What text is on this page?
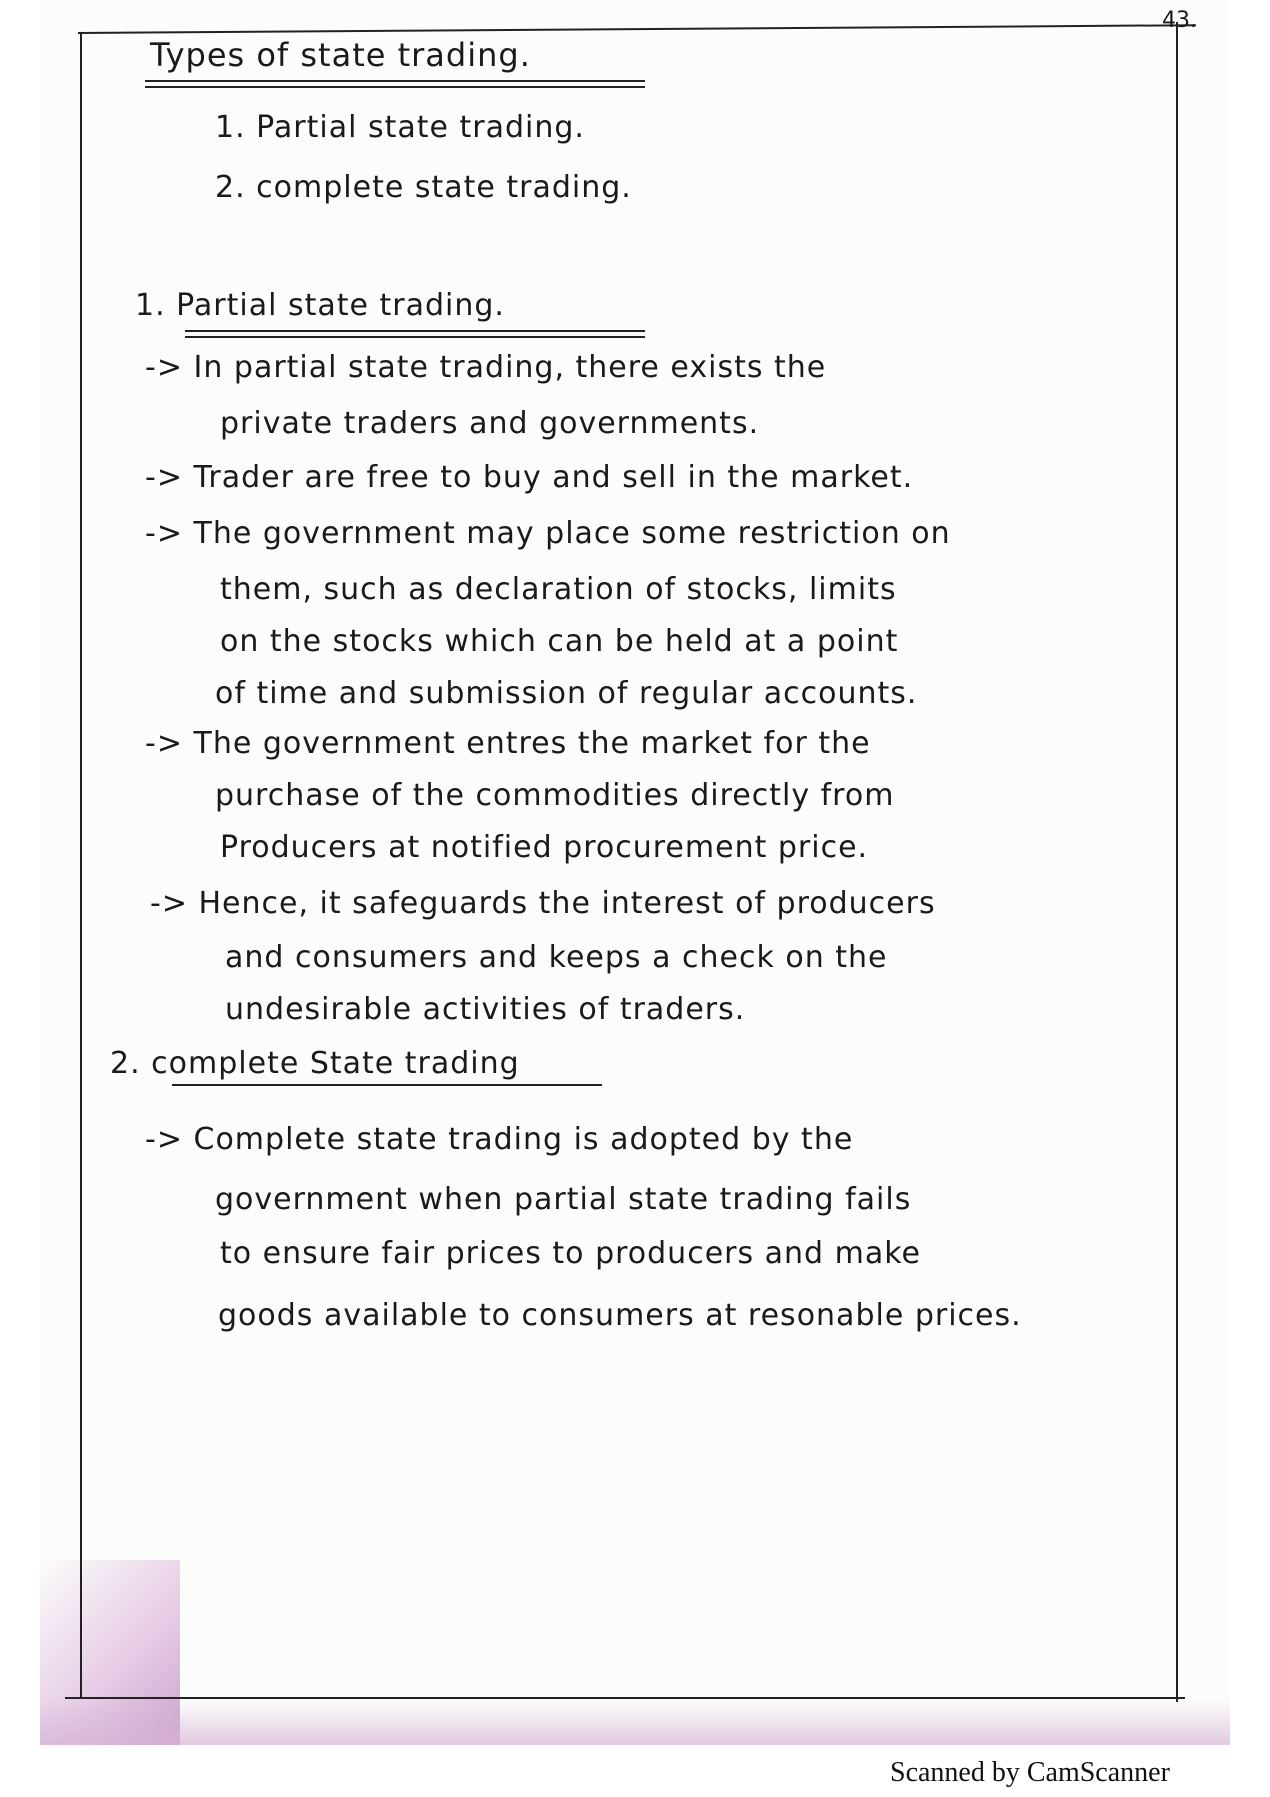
43.
Types of state trading.
1. Partial state trading.
2. complete state trading.
1. Partial state trading.
-> In partial state trading, there exists the
private traders and governments.
-> Trader are free to buy and sell in the market.
-> The government may place some restriction on
them, such as declaration of stocks, limits
on the stocks which can be held at a point
of time and submission of regular accounts.
-> The government entres the market for the
purchase of the commodities directly from
Producers at notified procurement price.
-> Hence, it safeguards the interest of producers
and consumers and keeps a check on the
undesirable activities of traders.
2. complete State trading
-> Complete state trading is adopted by the
government when partial state trading fails
to ensure fair prices to producers and make
goods available to consumers at resonable prices.
Scanned by CamScanner
